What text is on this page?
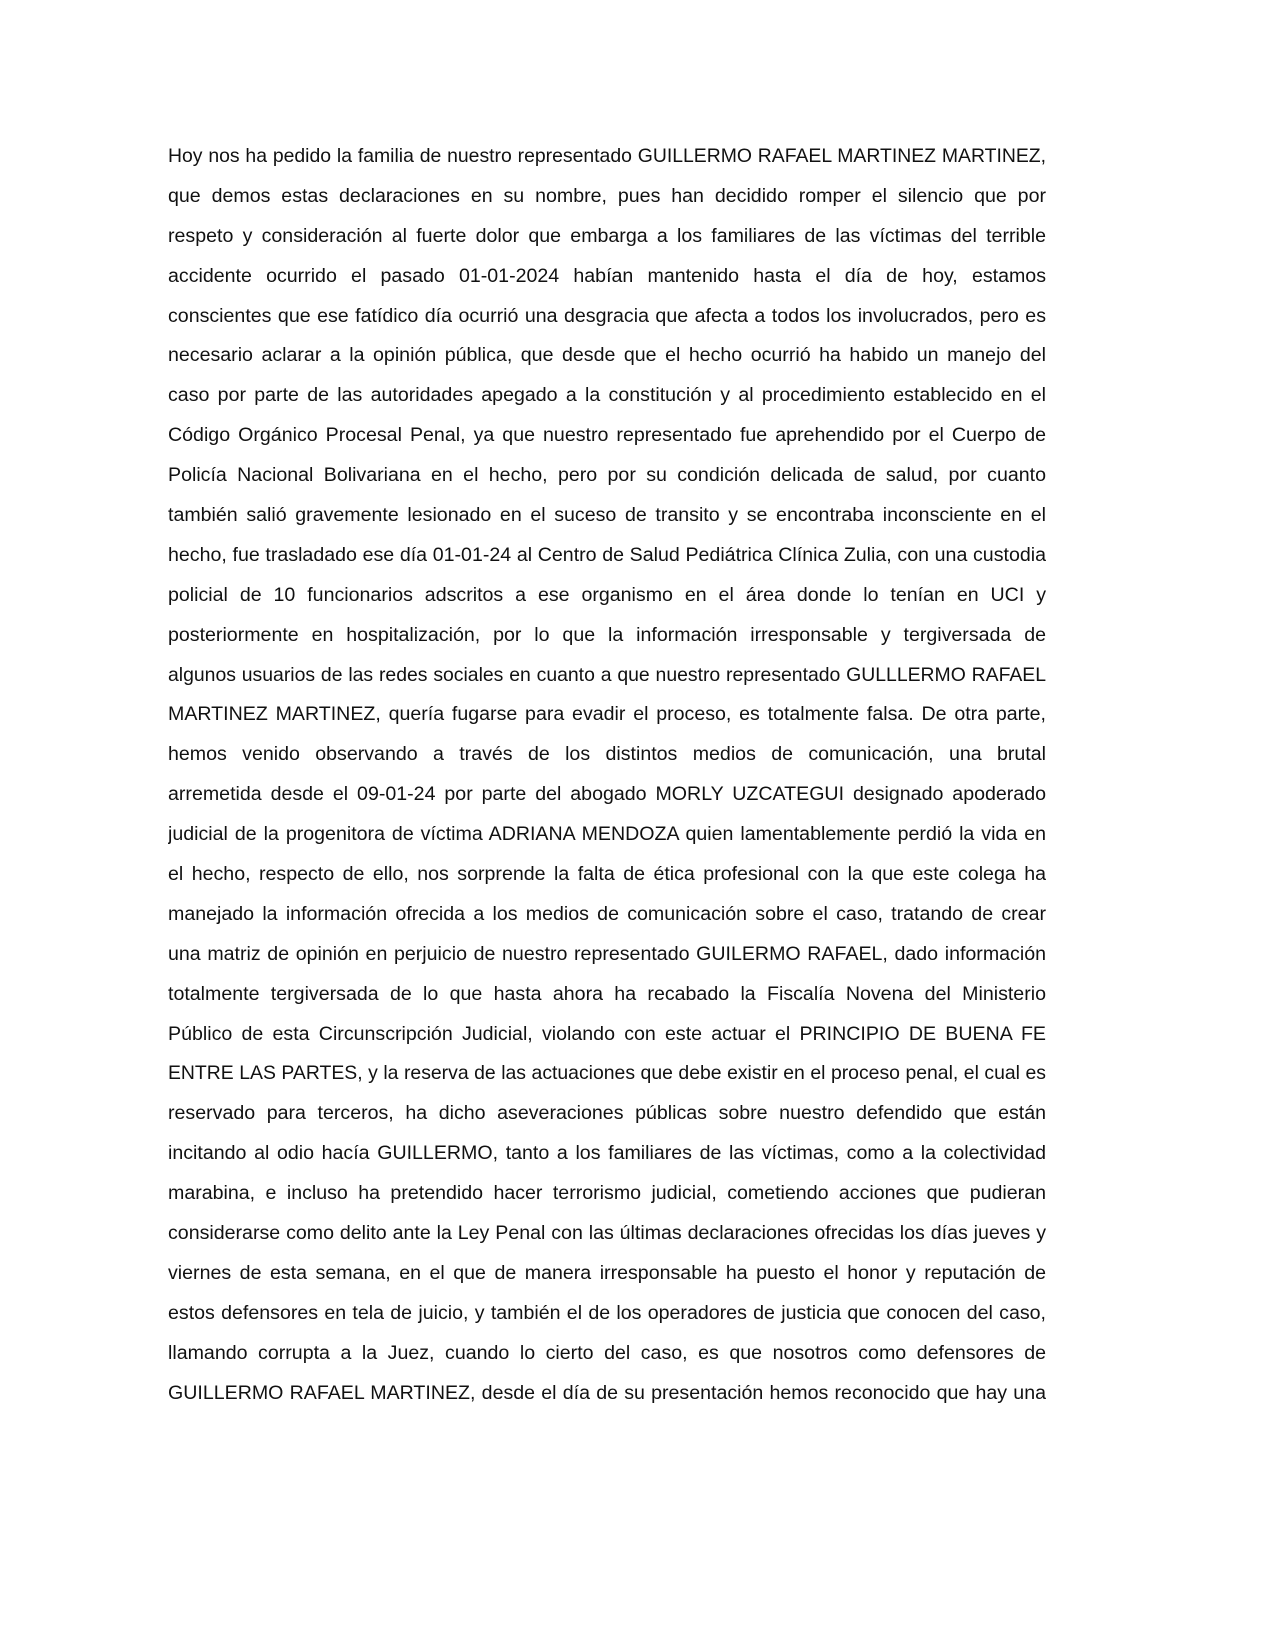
Hoy nos ha pedido la familia de nuestro representado GUILLERMO RAFAEL MARTINEZ MARTINEZ,
que demos estas declaraciones en su nombre, pues han decidido romper el silencio que por
respeto y consideración al fuerte dolor que embarga a los familiares de las víctimas del terrible
accidente ocurrido el pasado 01-01-2024 habían mantenido hasta el día de hoy, estamos
conscientes que ese fatídico día ocurrió una desgracia que afecta a todos los involucrados, pero es
necesario aclarar a la opinión pública, que desde que el hecho ocurrió ha habido un manejo del
caso por parte de las autoridades apegado a la constitución y al procedimiento establecido en el
Código Orgánico Procesal Penal, ya que nuestro representado fue aprehendido por el Cuerpo de
Policía Nacional Bolivariana en el hecho, pero por su condición delicada de salud, por cuanto
también salió gravemente lesionado en el suceso de transito y se encontraba inconsciente en el
hecho, fue trasladado ese día 01-01-24 al Centro de Salud Pediátrica Clínica Zulia, con una custodia
policial de 10 funcionarios adscritos a ese organismo en el área donde lo tenían en UCI y
posteriormente en hospitalización, por lo que la información irresponsable y tergiversada de
algunos usuarios de las redes sociales en cuanto a que nuestro representado GULLLERMO RAFAEL
MARTINEZ MARTINEZ, quería fugarse para evadir el proceso, es totalmente falsa. De otra parte,
hemos venido observando a través de los distintos medios de comunicación, una brutal
arremetida desde el 09-01-24 por parte del abogado MORLY UZCATEGUI designado apoderado
judicial de la progenitora de víctima ADRIANA MENDOZA quien lamentablemente perdió la vida en
el hecho, respecto de ello, nos sorprende la falta de ética profesional con la que este colega ha
manejado la información ofrecida a los medios de comunicación sobre el caso, tratando de crear
una matriz de opinión en perjuicio de nuestro representado GUILERMO RAFAEL, dado información
totalmente tergiversada de lo que hasta ahora ha recabado la Fiscalía Novena del Ministerio
Público de esta Circunscripción Judicial, violando con este actuar el PRINCIPIO DE BUENA FE
ENTRE LAS PARTES, y la reserva de las actuaciones que debe existir en el proceso penal, el cual es
reservado para terceros, ha dicho aseveraciones públicas sobre nuestro defendido que están
incitando al odio hacía GUILLERMO, tanto a los familiares de las víctimas, como a la colectividad
marabina, e incluso ha pretendido hacer terrorismo judicial, cometiendo acciones que pudieran
considerarse como delito ante la Ley Penal con las últimas declaraciones ofrecidas los días jueves y
viernes de esta semana, en el que de manera irresponsable ha puesto el honor y reputación de
estos defensores en tela de juicio, y también el de los operadores de justicia que conocen del caso,
llamando corrupta a la Juez, cuando lo cierto del caso, es que nosotros como defensores de
GUILLERMO RAFAEL MARTINEZ, desde el día de su presentación hemos reconocido que hay una
